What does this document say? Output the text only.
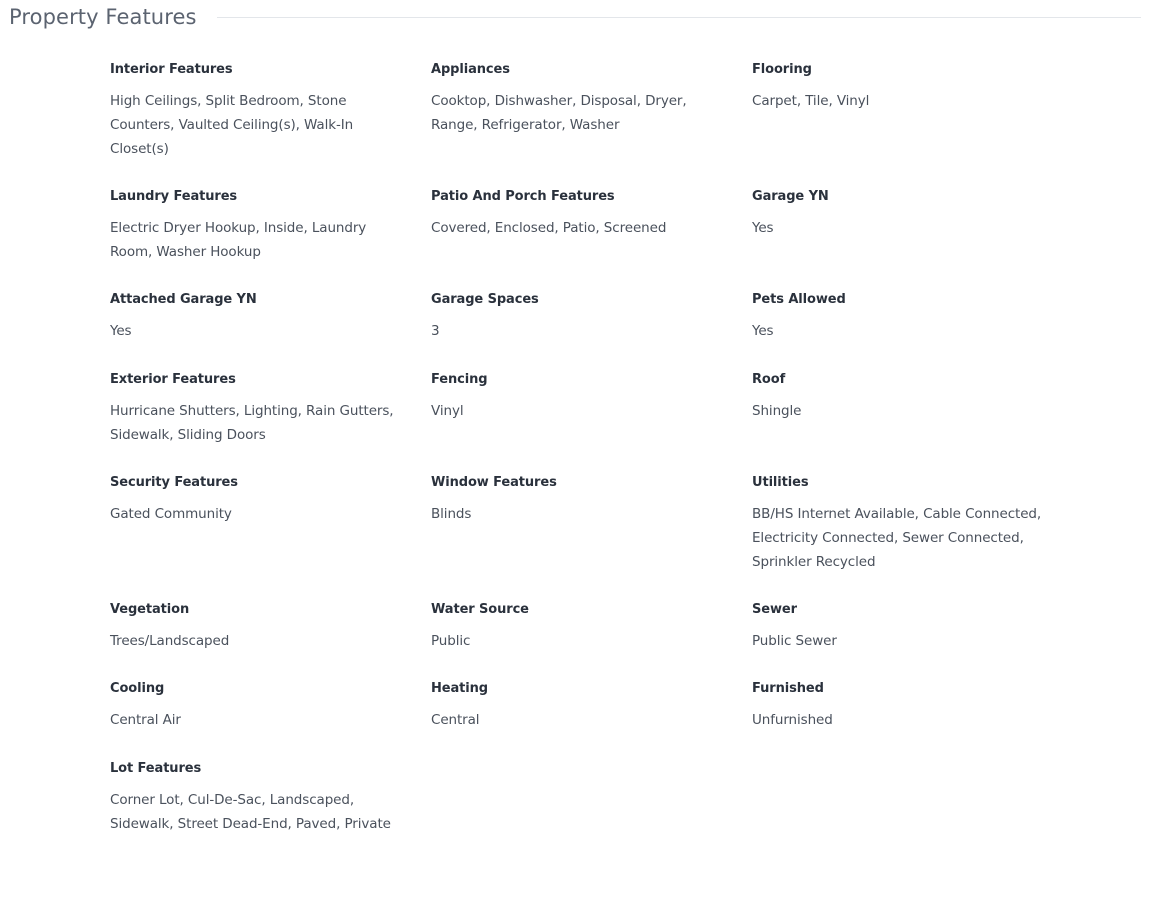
Property Features
Interior Features
High Ceilings, Split Bedroom, Stone Counters, Vaulted Ceiling(s), Walk-In Closet(s)
Appliances
Cooktop, Dishwasher, Disposal, Dryer, Range, Refrigerator, Washer
Flooring
Carpet, Tile, Vinyl
Laundry Features
Electric Dryer Hookup, Inside, Laundry Room, Washer Hookup
Patio And Porch Features
Covered, Enclosed, Patio, Screened
Garage YN
Yes
Attached Garage YN
Yes
Garage Spaces
3
Pets Allowed
Yes
Exterior Features
Hurricane Shutters, Lighting, Rain Gutters, Sidewalk, Sliding Doors
Fencing
Vinyl
Roof
Shingle
Security Features
Gated Community
Window Features
Blinds
Utilities
BB/HS Internet Available, Cable Connected, Electricity Connected, Sewer Connected, Sprinkler Recycled
Vegetation
Trees/Landscaped
Water Source
Public
Sewer
Public Sewer
Cooling
Central Air
Heating
Central
Furnished
Unfurnished
Lot Features
Corner Lot, Cul-De-Sac, Landscaped, Sidewalk, Street Dead-End, Paved, Private
